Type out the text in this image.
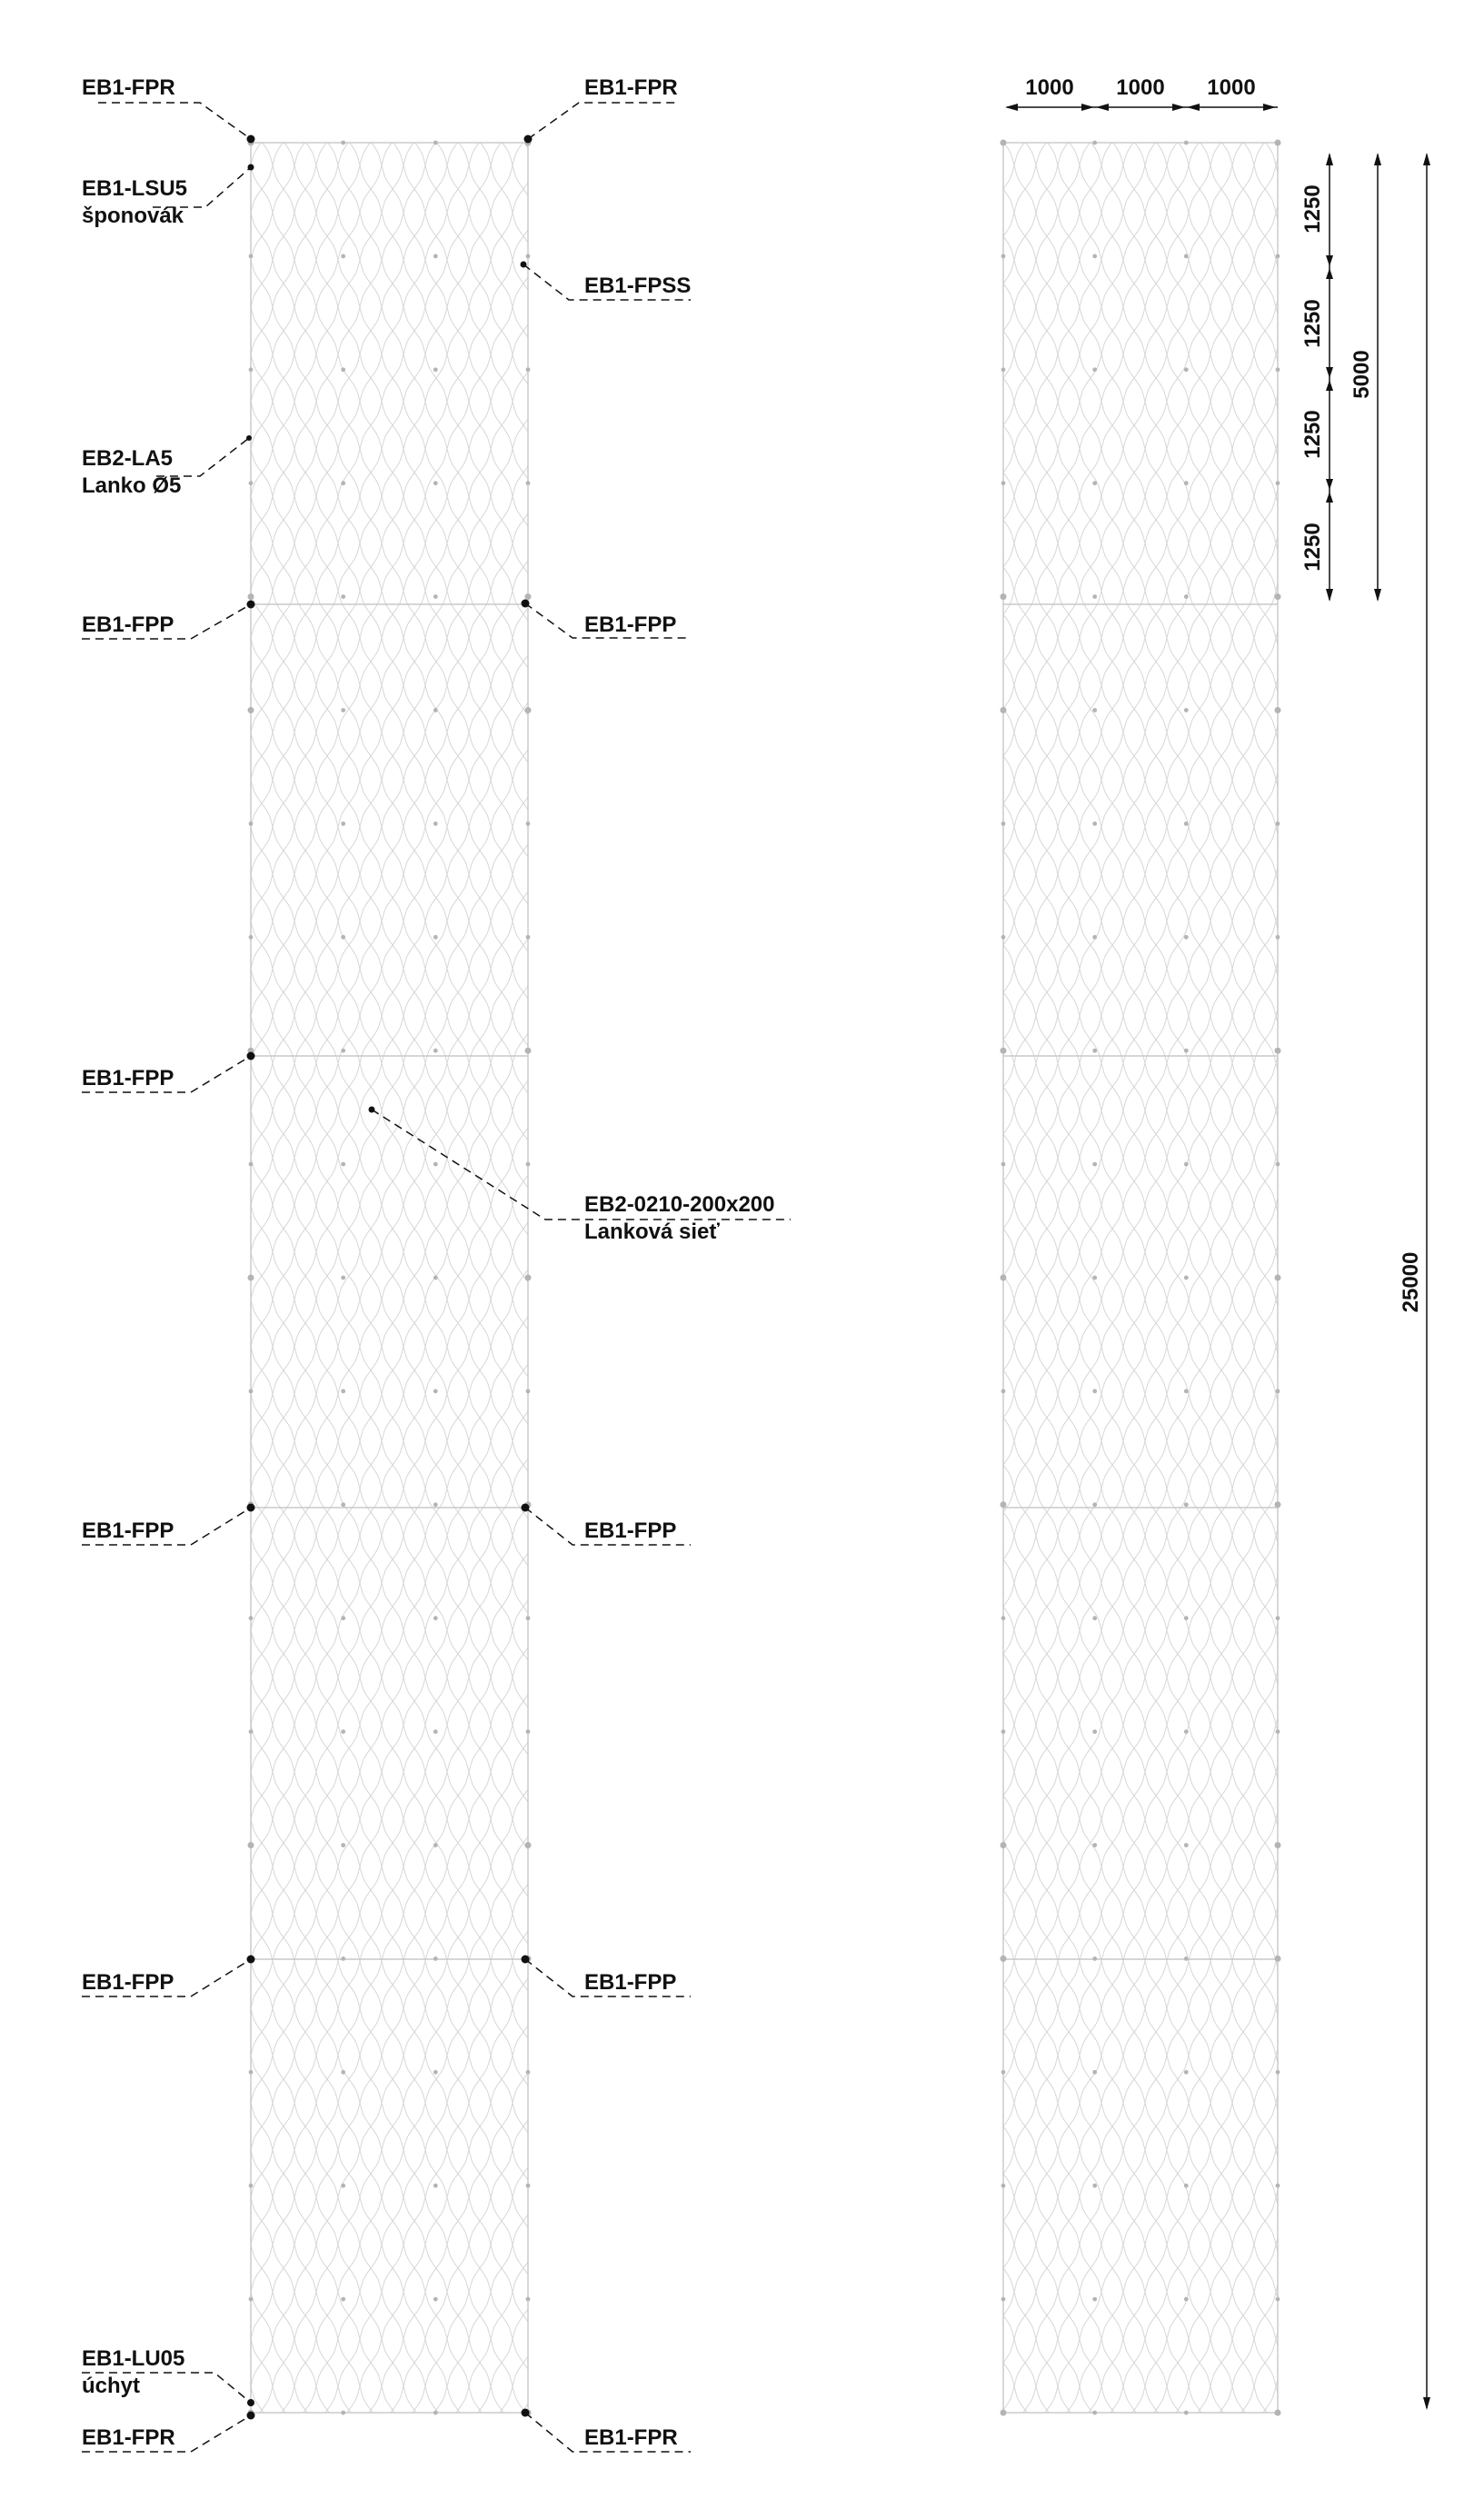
EB1-FPR	EB1-FPR
EB1-LSU5
šponovák
EB1-FPSS
EB2-LA5
Lanko Ø5
EB1-FPP	EB1-FPP
EB1-FPP
EB2-0210-200x200
Lanková sieť
EB1-FPP	EB1-FPP
EB1-FPP	EB1-FPP
EB1-LU05
úchyt
EB1-FPR	EB1-FPR
1000 1000 1000
1250
1250
1250
1250
5000
25000
